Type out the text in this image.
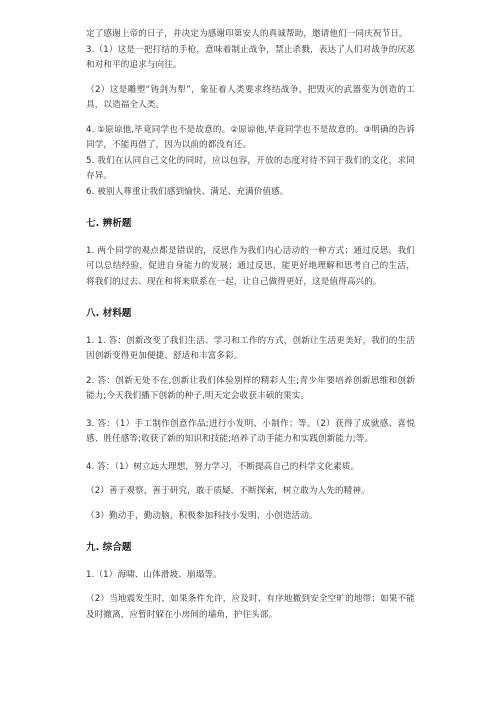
定了感谢上帝的日子，并决定为感谢印第安人的真诚帮助，邀请他们一同庆祝节日。

3.（1）这是一把打结的手枪，意味着制止战争，禁止杀戮，表达了人们对战争的厌恶和对和平的追求与向往。

（2）这是雕塑“铸剑为犁”，象征着人类要求终结战争，把毁灭的武器变为创造的工具，以造福全人类。

4. ①原谅他,毕竟同学也不是故意的。②原谅他,毕竟同学也不是故意的。③明确的告诉同学，不能再借了，因为以前的都没有还。

5. 我们在认同自己文化的同时，应以包容，开放的态度对待不同于我们的文化，求同存异。

6. 被别人尊重让我们感到愉快、满足、充满价值感。

七. 辨析题

1. 两个同学的观点都是错误的，反思作为我们内心活动的一种方式；通过反思，我们可以总结经验，促进自身能力的发展；通过反思，能更好地理解和思考自己的生活，将我们的过去、现在和将来联系在一起，让自己做得更好，这是值得高兴的。

八. 材料题

1. 1. 答：创新改变了我们生活、学习和工作的方式，创新让生活更美好，我们的生活因创新变得更加便捷、舒适和丰富多彩。

2. 答：创新无处不在,创新让我们体验别样的精彩人生;青少年要培养创新思维和创新能力;今天我们播下创新的种子,明天定会收获丰硕的果实。

3. 答：（1）手工制作创意作品;进行小发明、小制作；等。（2）获得了成就感、喜悦感、胜任感等;收获了新的知识和技能;培养了动手能力和实践创新能力;等。

4. 答：（1）树立远大理想，努力学习，不断提高自己的科学文化素质。

（2）善于观察，善于研究，敢于质疑，不断探索，树立敢为人先的精神。

（3）勤动手，勤动脑，积极参加科技小发明、小创造活动。

九. 综合题

1.（1）海啸、山体滑坡、崩塌等。

（2）当地震发生时，如果条件允许，应及时、有序地撤到安全空旷的地带；如果不能及时撤离，应暂时躲在小房间的墙角，护住头部。
